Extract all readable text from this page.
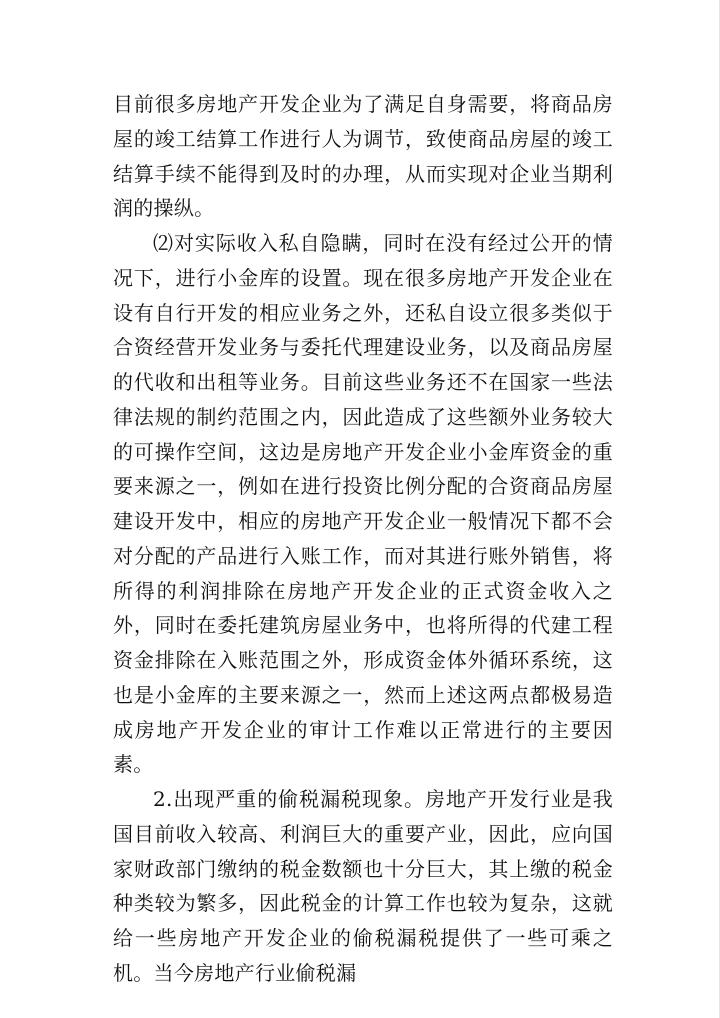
目前很多房地产开发企业为了满足自身需要，将商品房屋的竣工结算工作进行人为调节，致使商品房屋的竣工结算手续不能得到及时的办理，从而实现对企业当期利润的操纵。

⑵对实际收入私自隐瞒，同时在没有经过公开的情况下，进行小金库的设置。现在很多房地产开发企业在设有自行开发的相应业务之外，还私自设立很多类似于合资经营开发业务与委托代理建设业务，以及商品房屋的代收和出租等业务。目前这些业务还不在国家一些法律法规的制约范围之内，因此造成了这些额外业务较大的可操作空间，这边是房地产开发企业小金库资金的重要来源之一，例如在进行投资比例分配的合资商品房屋建设开发中，相应的房地产开发企业一般情况下都不会对分配的产品进行入账工作，而对其进行账外销售，将所得的利润排除在房地产开发企业的正式资金收入之外，同时在委托建筑房屋业务中，也将所得的代建工程资金排除在入账范围之外，形成资金体外循环系统，这也是小金库的主要来源之一，然而上述这两点都极易造成房地产开发企业的审计工作难以正常进行的主要因素。

2.出现严重的偷税漏税现象。房地产开发行业是我国目前收入较高、利润巨大的重要产业，因此，应向国家财政部门缴纳的税金数额也十分巨大，其上缴的税金种类较为繁多，因此税金的计算工作也较为复杂，这就给一些房地产开发企业的偷税漏税提供了一些可乘之机。当今房地产行业偷税漏
